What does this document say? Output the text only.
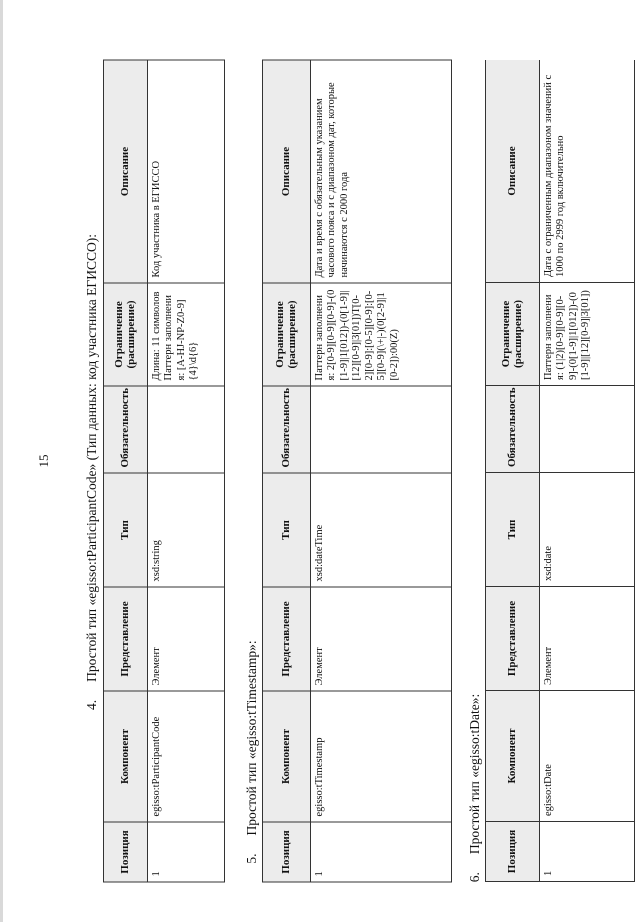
15
4.Простой тип «egisso:tParticipantCode» (Тип данных: код участника ЕГИССО):
Позиция	Компонент	Представление	Тип	Обязательность	Ограничение (расширение)	Описание
1	egisso:tParticipantCode	Элемент	xsd:string		Длина: 11 символов Паттерн заполнения: [A-HJ-NP-Z0-9]{4}\d{6}	Код участника в ЕГИССО
5.Простой тип «egisso:tTimestamp»:
Позиция	Компонент	Представление	Тип	Обязательность	Ограничение (расширение)	Описание
1	egisso:tTimestamp	Элемент	xsd:dateTime		Паттерн заполнения: 2[0-9][0-9][0-9]-(0[1-9]|1[012])-(0[1-9]|[12][0-9]|3[01])T[0-2][0-9]:[0-5][0-9]:[0-5][0-9](\+|-)(0[2-9]|1[0-2]):00(Z)	Дата и время с обязательным указанием часового пояса и с диапазоном дат, которые начинаются с 2000 года
6.Простой тип «egisso:tDate»: Позиция	Компонент	Представление	Тип	Обязательность	Ограничение (расширение)	Описание
1	egisso:tDate	Элемент	xsd:date		Паттерн заполнения: (1|2)[0-9][0-9][0-9]-(0[1-9]|1[012])-(0[1-9]|[12][0-9]|3[01])	Дата с ограниченным диапазоном значений с 1000 по 2999 год включительно
